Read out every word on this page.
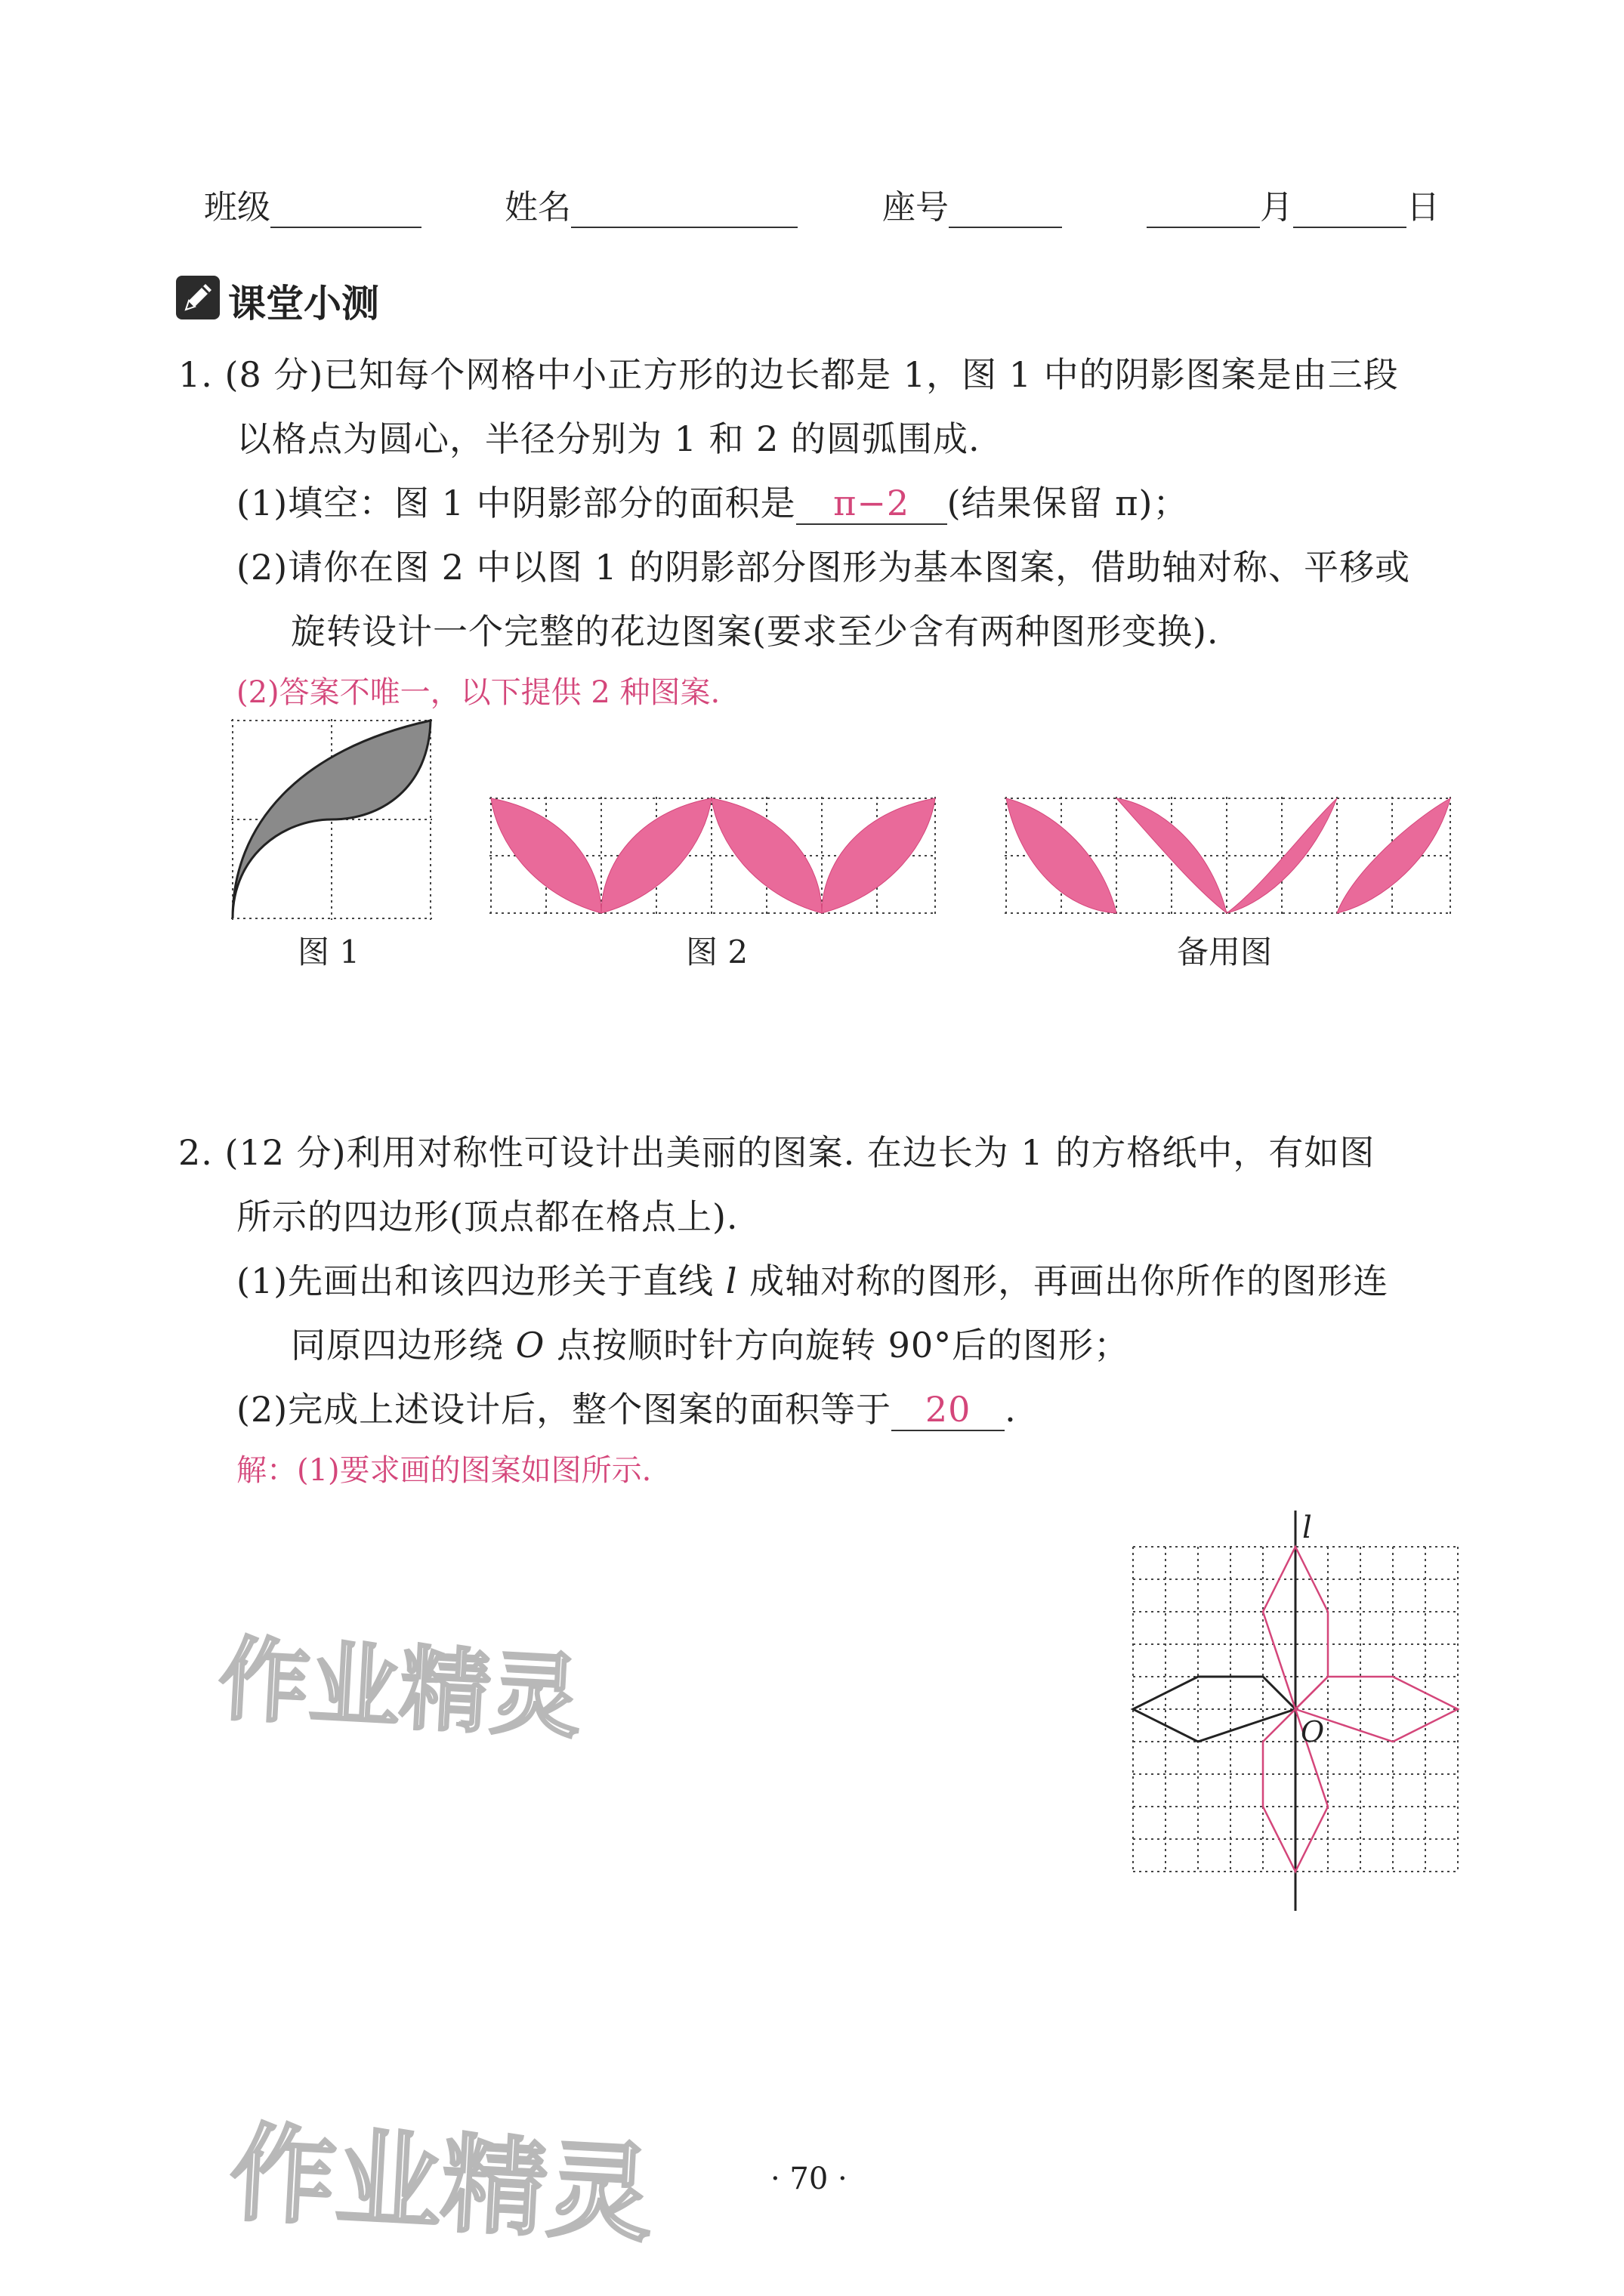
班级	姓名	座号	月	日
课堂小测
1. (8 分)已知每个网格中小正方形的边长都是 1，图 1 中的阴影图案是由三段
以格点为圆心，半径分别为 1 和 2 的圆弧围成.
(1)填空：图 1 中阴影部分的面积是 π−2 (结果保留 π)；
(2)请你在图 2 中以图 1 的阴影部分图形为基本图案，借助轴对称、平移或
旋转设计一个完整的花边图案(要求至少含有两种图形变换).
(2)答案不唯一，以下提供 2 种图案.
图 1	图 2	备用图
2. (12 分)利用对称性可设计出美丽的图案. 在边长为 1 的方格纸中，有如图
所示的四边形(顶点都在格点上).
(1)先画出和该四边形关于直线 l 成轴对称的图形，再画出你所作的图形连
同原四边形绕 O 点按顺时针方向旋转 90°后的图形；
(2)完成上述设计后，整个图案的面积等于 20 .
解：(1)要求画的图案如图所示.
l
O
作业精灵
作业精灵	· 70 ·
